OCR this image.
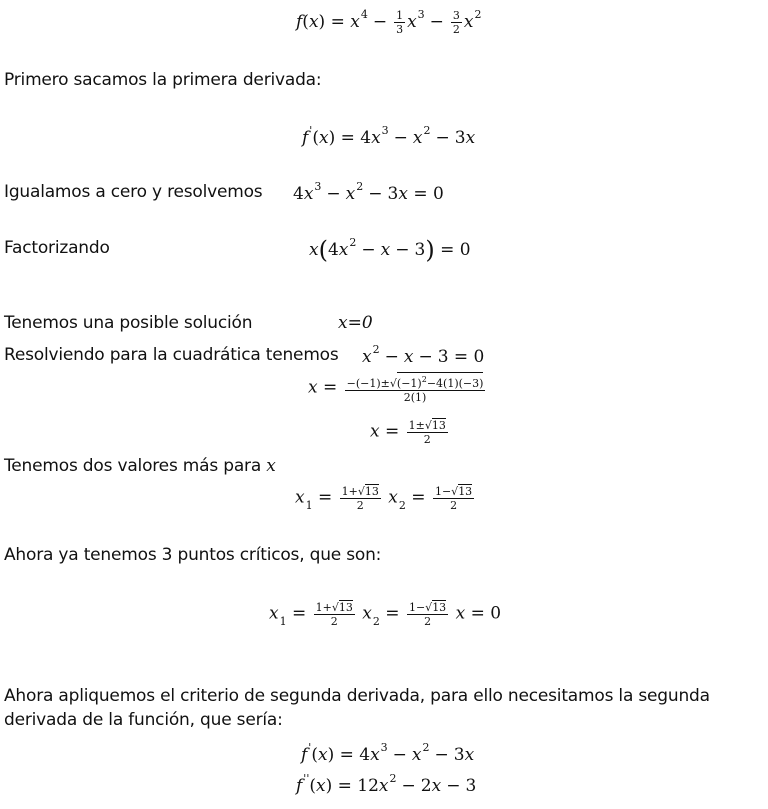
$f(x) = x^4 - \frac{1}{3} x^3 - \frac{3}{2} x^2$
Primero sacamos la primera derivada:
$f'(x) = 4x^3 - x^2 - 3x$
Igualamos a cero y resolvemos $4x^3 - x^2 - 3x = 0$
Factorizando	$x(4x^2 - x - 3) = 0$
Tenemos una posible solución	x=0
Resolviendo para la cuadrática tenemos $x^2 - x - 3 = 0$
$x = \frac{-(-1)\pm√(-1)^2-4(1)(-3)}{2(1)}$
$x = \frac{1\pm√13}{2}$
Tenemos dos valores más para x
$x_1 = \frac{1+√13}{2} x_2 = \frac{1-√13}{2}$
Ahora ya tenemos 3 puntos críticos, que son:
$x_1 = \frac{1+√13}{2} x_2 = \frac{1-√13}{2}$ x = 0
Ahora apliquemos el criterio de segunda derivada, para ello necesitamos la segunda
derivada de la función, que sería:
$f'(x) = 4x^3 - x^2 - 3x$
$f''(x) = 12x^2 - 2x - 3$
